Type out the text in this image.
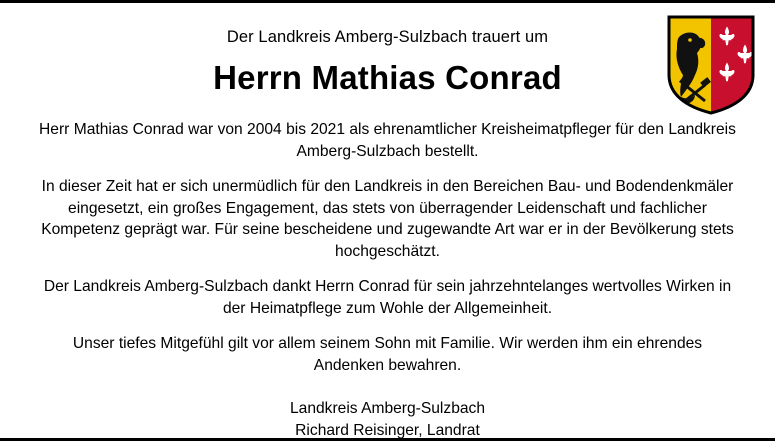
Der Landkreis Amberg-Sulzbach trauert um

Herrn Mathias Conrad

Herr Mathias Conrad war von 2004 bis 2021 als ehrenamtlicher Kreisheimatpfleger für den Landkreis Amberg-Sulzbach bestellt.

In dieser Zeit hat er sich unermüdlich für den Landkreis in den Bereichen Bau- und Bodendenkmäler eingesetzt, ein großes Engagement, das stets von überragender Leidenschaft und fachlicher Kompetenz geprägt war. Für seine bescheidene und zugewandte Art war er in der Bevölkerung stets hochgeschätzt.

Der Landkreis Amberg-Sulzbach dankt Herrn Conrad für sein jahrzehntelanges wertvolles Wirken in der Heimatpflege zum Wohle der Allgemeinheit.

Unser tiefes Mitgefühl gilt vor allem seinem Sohn mit Familie. Wir werden ihm ein ehrendes Andenken bewahren.

Landkreis Amberg-Sulzbach

Richard Reisinger, Landrat
